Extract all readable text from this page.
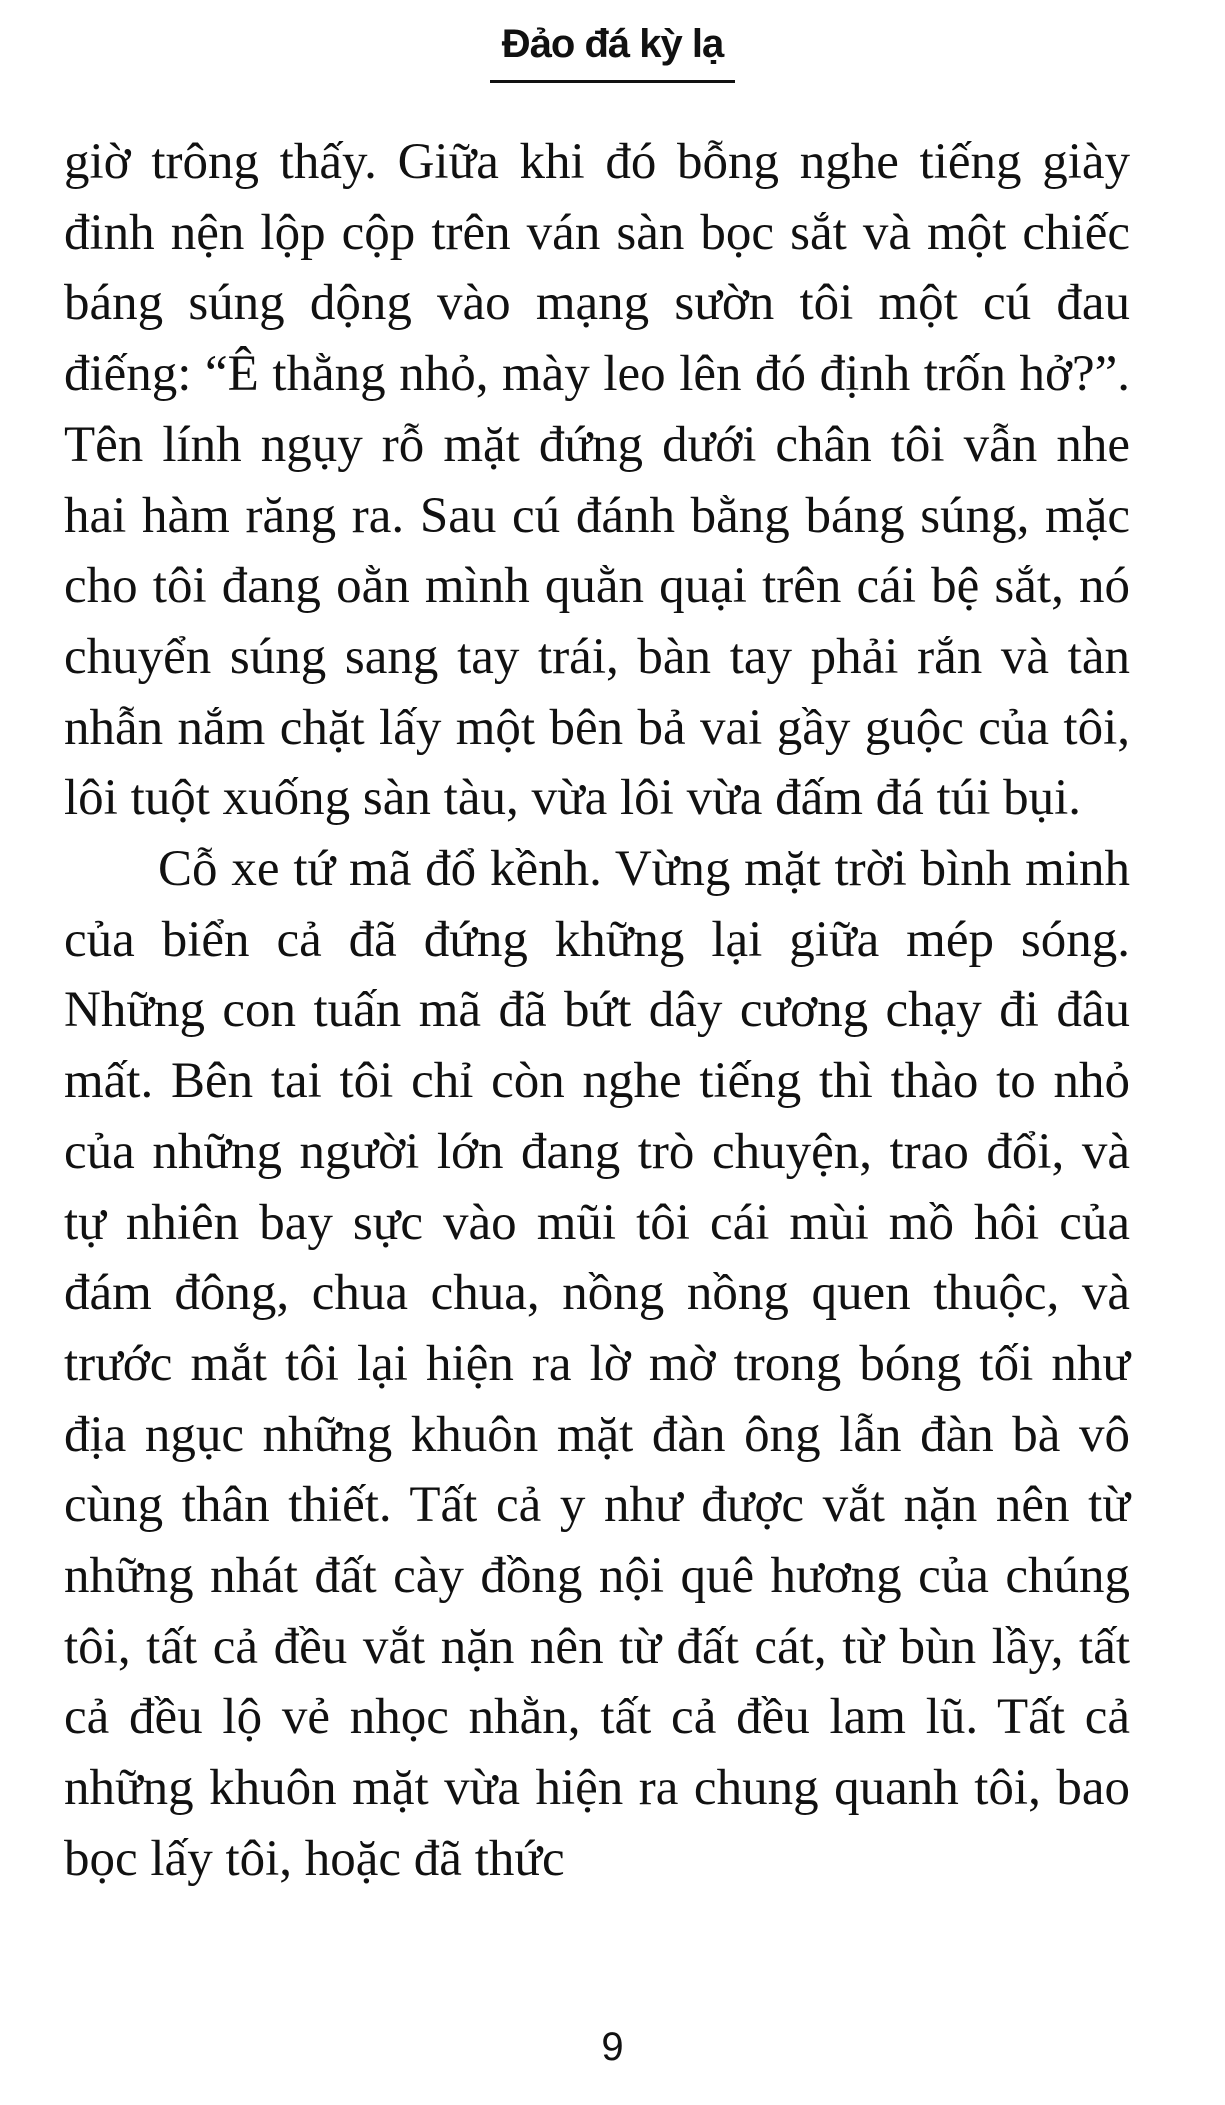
Đảo đá kỳ lạ

giờ trông thấy. Giữa khi đó bỗng nghe tiếng giày đinh nện lộp cộp trên ván sàn bọc sắt và một chiếc báng súng dộng vào mạng sườn tôi một cú đau điếng: “Ê thằng nhỏ, mày leo lên đó định trốn hở?”. Tên lính ngụy rỗ mặt đứng dưới chân tôi vẫn nhe hai hàm răng ra. Sau cú đánh bằng báng súng, mặc cho tôi đang oằn mình quằn quại trên cái bệ sắt, nó chuyển súng sang tay trái, bàn tay phải rắn và tàn nhẫn nắm chặt lấy một bên bả vai gầy guộc của tôi, lôi tuột xuống sàn tàu, vừa lôi vừa đấm đá túi bụi.

Cỗ xe tứ mã đổ kềnh. Vừng mặt trời bình minh của biển cả đã đứng khững lại giữa mép sóng. Những con tuấn mã đã bứt dây cương chạy đi đâu mất. Bên tai tôi chỉ còn nghe tiếng thì thào to nhỏ của những người lớn đang trò chuyện, trao đổi, và tự nhiên bay sực vào mũi tôi cái mùi mồ hôi của đám đông, chua chua, nồng nồng quen thuộc, và trước mắt tôi lại hiện ra lờ mờ trong bóng tối như địa ngục những khuôn mặt đàn ông lẫn đàn bà vô cùng thân thiết. Tất cả y như được vắt nặn nên từ những nhát đất cày đồng nội quê hương của chúng tôi, tất cả đều vắt nặn nên từ đất cát, từ bùn lầy, tất cả đều lộ vẻ nhọc nhằn, tất cả đều lam lũ. Tất cả những khuôn mặt vừa hiện ra chung quanh tôi, bao bọc lấy tôi, hoặc đã thức

9
